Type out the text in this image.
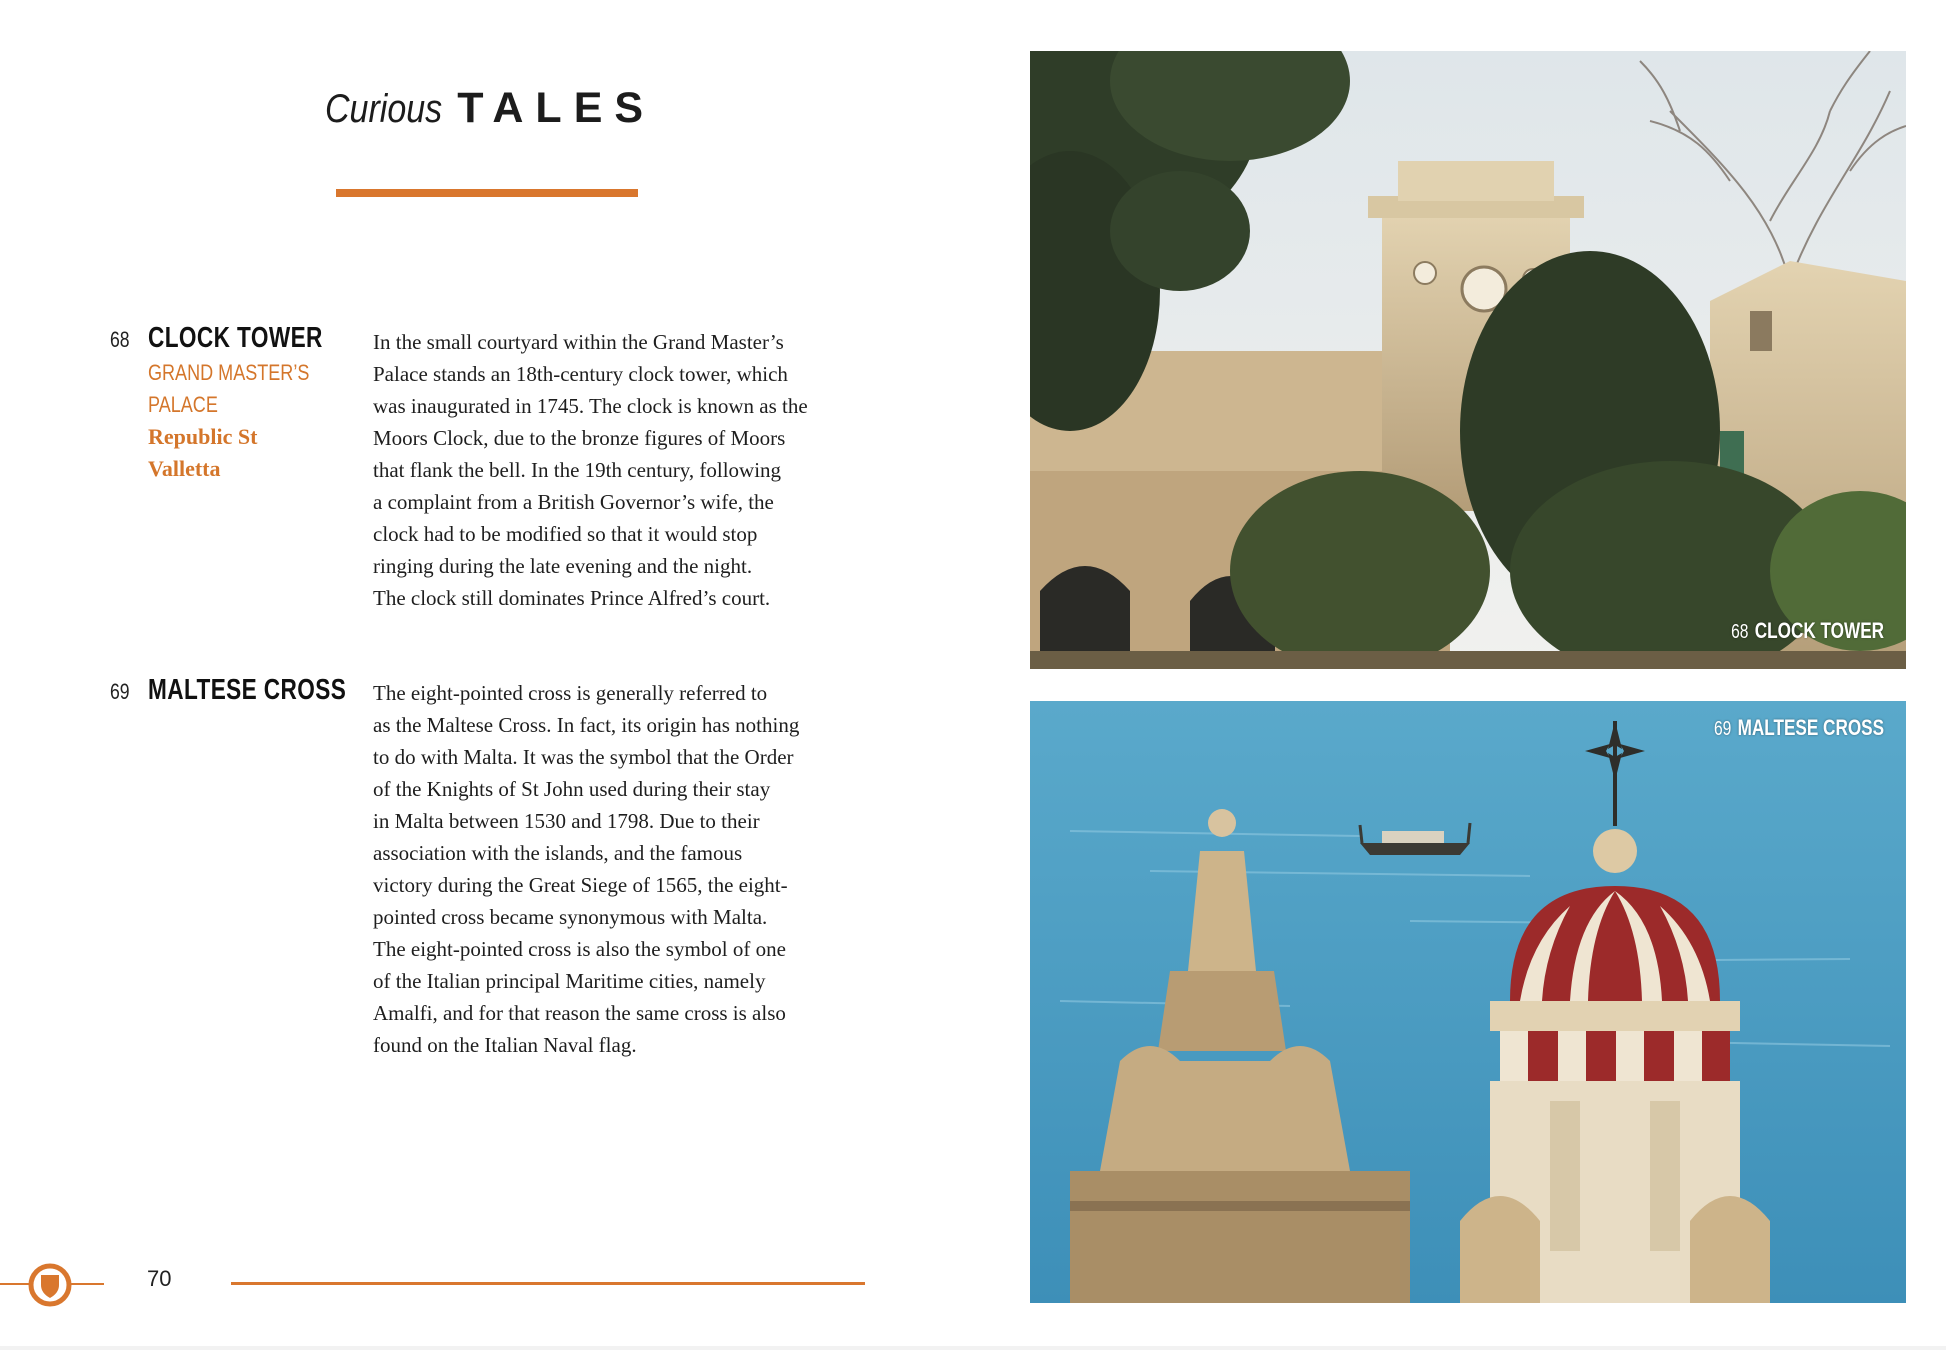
Curious TALES
68 CLOCK TOWER
GRAND MASTER’S
PALACE
Republic St
Valletta
In the small courtyard within the Grand Master’s
Palace stands an 18th-century clock tower, which
was inaugurated in 1745. The clock is known as the
Moors Clock, due to the bronze figures of Moors
that flank the bell. In the 19th century, following
a complaint from a British Governor’s wife, the
clock had to be modified so that it would stop
ringing during the late evening and the night.
The clock still dominates Prince Alfred’s court.
69 MALTESE CROSS The eight-pointed cross is generally referred to
as the Maltese Cross. In fact, its origin has nothing
to do with Malta. It was the symbol that the Order
of the Knights of St John used during their stay
in Malta between 1530 and 1798. Due to their
association with the islands, and the famous
victory during the Great Siege of 1565, the eight-
pointed cross became synonymous with Malta.
The eight-pointed cross is also the symbol of one
of the Italian principal Maritime cities, namely
Amalfi, and for that reason the same cross is also
found on the Italian Naval flag.
70
68 CLOCK TOWER
69 MALTESE CROSS
